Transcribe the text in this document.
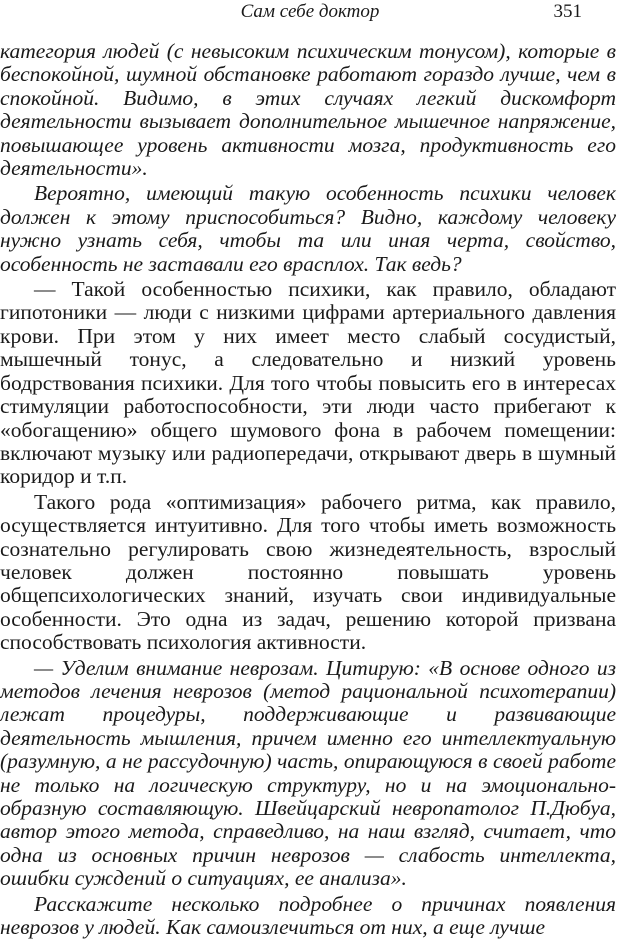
Сам себе доктор	351

категория людей (с невысоким психическим тонусом), которые в беспокойной, шумной обстановке работают гораздо лучше, чем в спокойной. Видимо, в этих случаях легкий дискомфорт деятельности вызывает дополнительное мышечное напряжение, повышающее уровень активности мозга, продуктивность его деятельности».

Вероятно, имеющий такую особенность психики человек должен к этому приспособиться? Видно, каждому человеку нужно узнать себя, чтобы та или иная черта, свойство, особенность не заставали его врасплох. Так ведь?

— Такой особенностью психики, как правило, обладают гипотоники — люди с низкими цифрами артериального давления крови. При этом у них имеет место слабый сосудистый, мышечный тонус, а следовательно и низкий уровень бодрствования психики. Для того чтобы повысить его в интересах стимуляции работоспособности, эти люди часто прибегают к «обогащению» общего шумового фона в рабочем помещении: включают музыку или радиопередачи, открывают дверь в шумный коридор и т.п.

Такого рода «оптимизация» рабочего ритма, как правило, осуществляется интуитивно. Для того чтобы иметь возможность сознательно регулировать свою жизнедеятельность, взрослый человек должен постоянно повышать уровень общепсихологических знаний, изучать свои индивидуальные особенности. Это одна из задач, решению которой призвана способствовать психология активности.

— Уделим внимание неврозам. Цитирую: «В основе одного из методов лечения неврозов (метод рациональной психотерапии) лежат процедуры, поддерживающие и развивающие деятельность мышления, причем именно его интеллектуальную (разумную, а не рассудочную) часть, опирающуюся в своей работе не только на логическую структуру, но и на эмоционально-образную составляющую. Швейцарский невропатолог П.Дюбуа, автор этого метода, справедливо, на наш взгляд, считает, что одна из основных причин неврозов — слабость интеллекта, ошибки суждений о ситуациях, ее анализа».

Расскажите несколько подробнее о причинах появления неврозов у людей. Как самоизлечиться от них, а еще лучше
